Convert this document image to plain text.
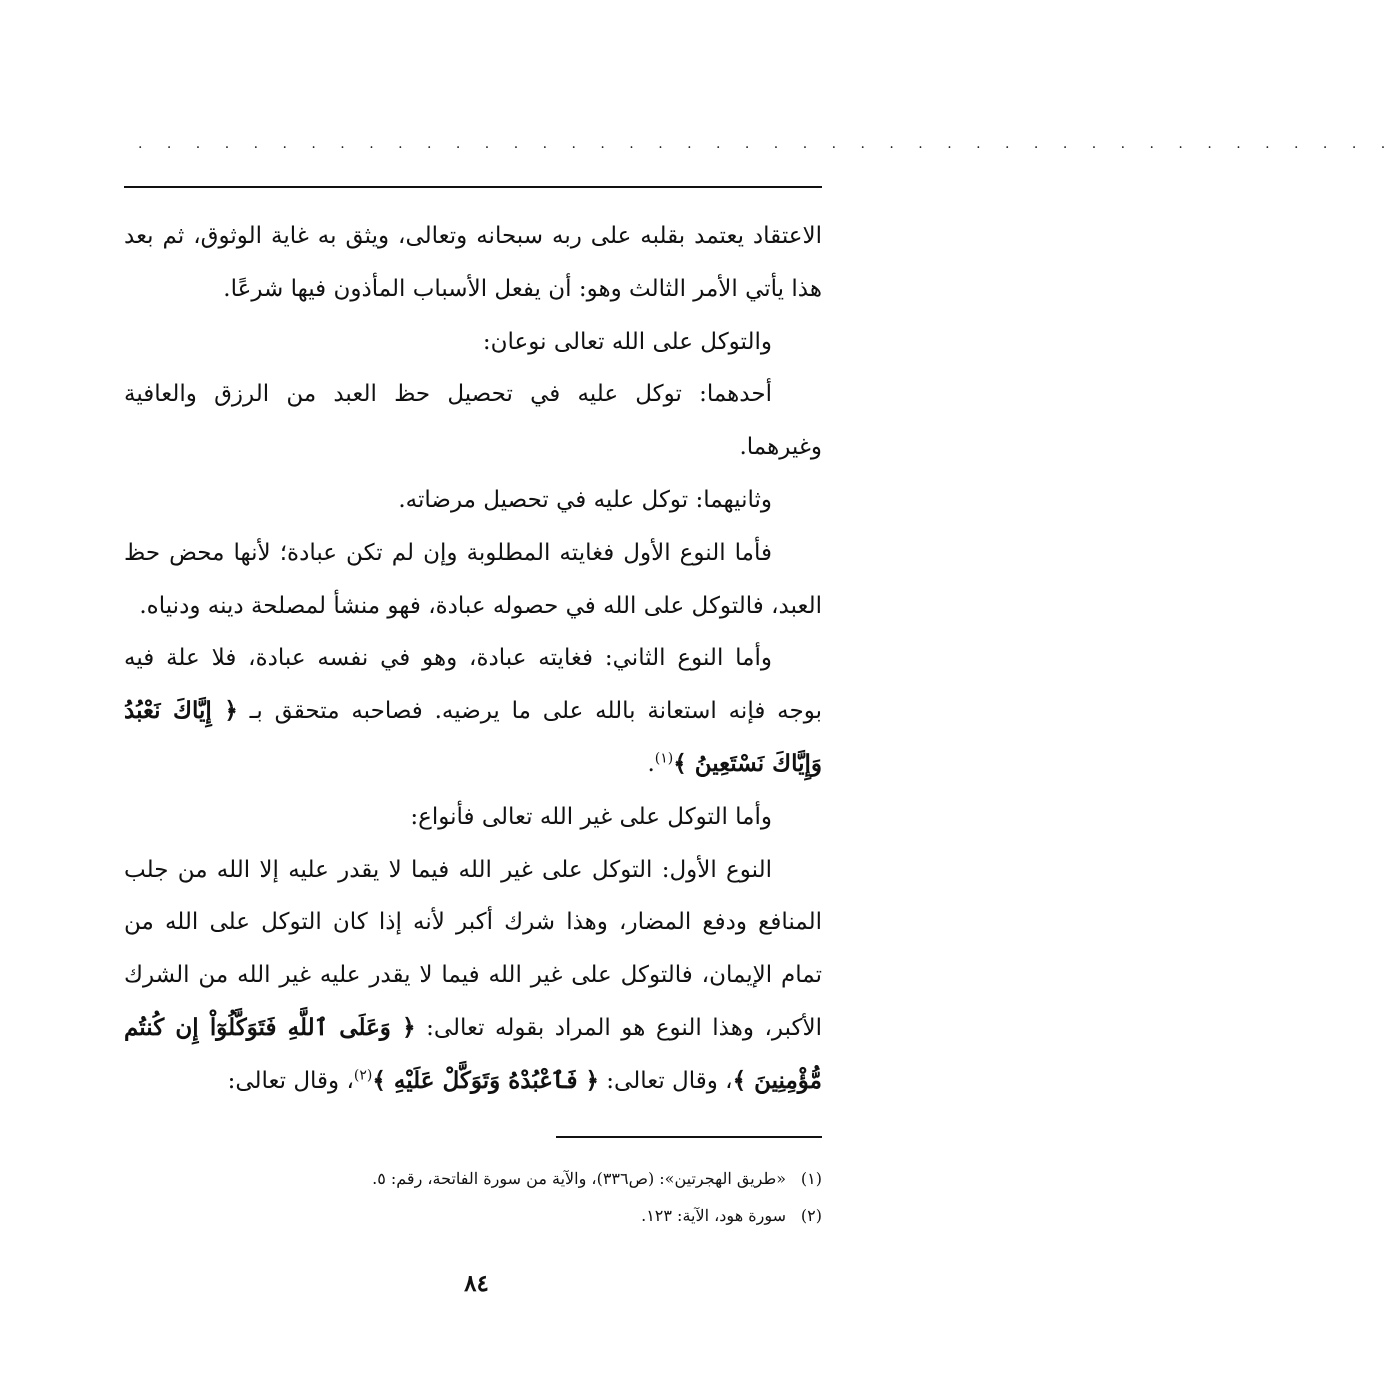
. . . . . . . . . . . . . . . . . . . . . . . . . . . . . . . . . . . . . . . . . . . .

الاعتقاد يعتمد بقلبه على ربه سبحانه وتعالى، ويثق به غاية الوثوق، ثم بعد هذا يأتي الأمر الثالث وهو: أن يفعل الأسباب المأذون فيها شرعًا.

والتوكل على الله تعالى نوعان:

أحدهما: توكل عليه في تحصيل حظ العبد من الرزق والعافية وغيرهما.

وثانيهما: توكل عليه في تحصيل مرضاته.

فأما النوع الأول فغايته المطلوبة وإن لم تكن عبادة؛ لأنها محض حظ العبد، فالتوكل على الله في حصوله عبادة، فهو منشأ لمصلحة دينه ودنياه.

وأما النوع الثاني: فغايته عبادة، وهو في نفسه عبادة، فلا علة فيه بوجه فإنه استعانة بالله على ما يرضيه. فصاحبه متحقق بـ ﴿ إِيَّاكَ نَعْبُدُ وَإِيَّاكَ نَسْتَعِينُ ﴾$^{(١)}$.

وأما التوكل على غير الله تعالى فأنواع:

النوع الأول: التوكل على غير الله فيما لا يقدر عليه إلا الله من جلب المنافع ودفع المضار، وهذا شرك أكبر لأنه إذا كان التوكل على الله من تمام الإيمان، فالتوكل على غير الله فيما لا يقدر عليه غير الله من الشرك الأكبر، وهذا النوع هو المراد بقوله تعالى: ﴿ وَعَلَى ٱللَّهِ فَتَوَكَّلُوٓاْ إِن كُنتُم مُّؤْمِنِينَ ﴾، وقال تعالى: ﴿ فَٱعْبُدْهُ وَتَوَكَّلْ عَلَيْهِ ﴾$^{(٢)}$، وقال تعالى:

(١)«طريق الهجرتين»: (ص٣٣٦)، والآية من سورة الفاتحة، رقم: ٥.

(٢)سورة هود، الآية: ١٢٣.

٨٤
